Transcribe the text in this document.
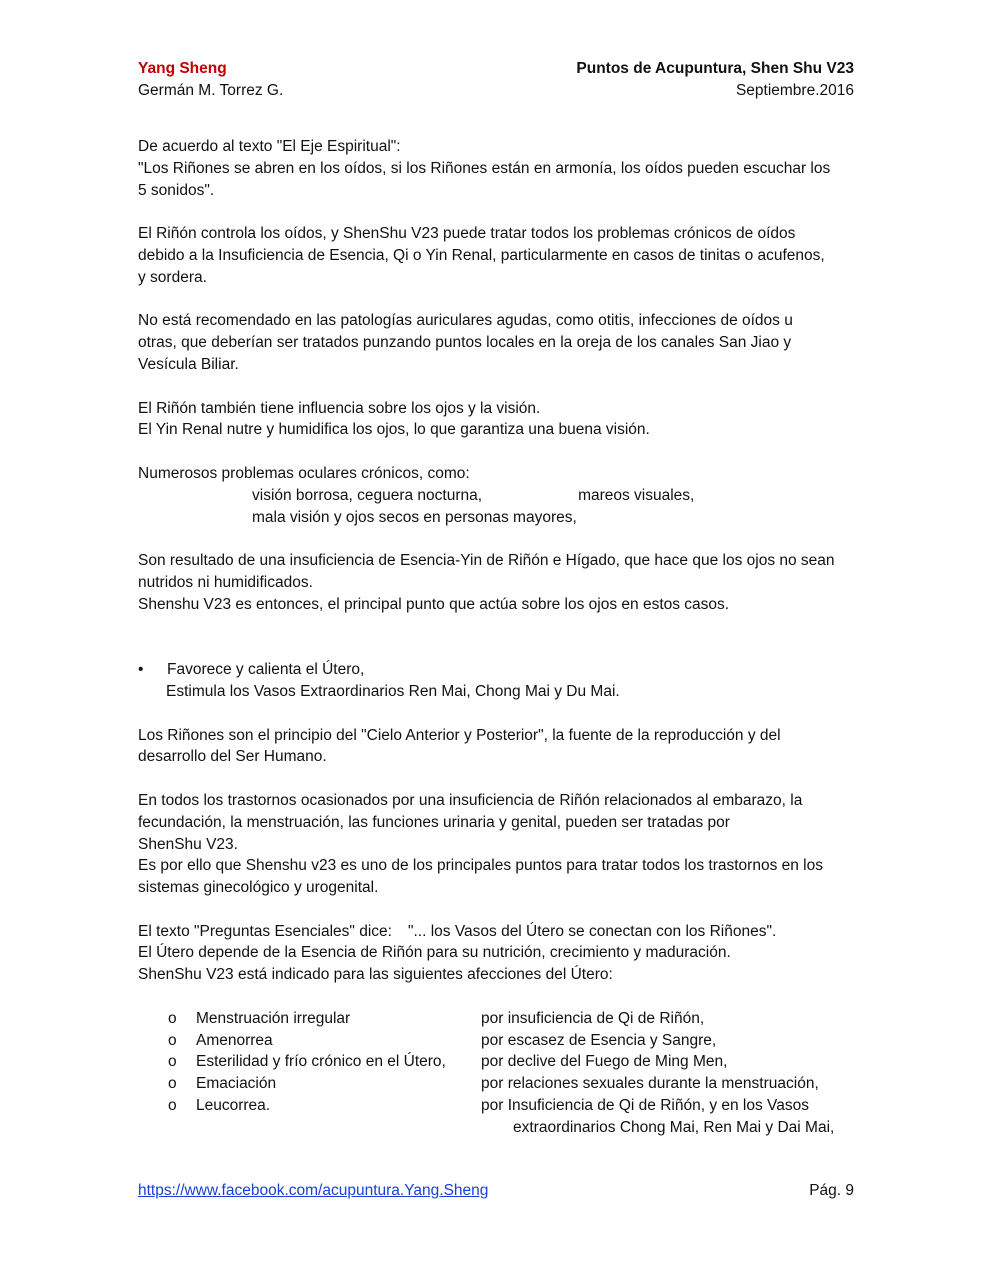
Yang Sheng	Puntos de Acupuntura, Shen Shu V23
Germán M. Torrez G.	Septiembre.2016

De acuerdo al texto "El Eje Espiritual":

"Los Riñones se abren en los oídos, si los Riñones están en armonía, los oídos pueden escuchar los

5 sonidos".

El Riñón controla los oídos, y ShenShu V23 puede tratar todos los problemas crónicos de oídos

debido a la Insuficiencia de Esencia, Qi o Yin Renal, particularmente en casos de tinitas o acufenos,

y sordera.

No está recomendado en las patologías auriculares agudas, como otitis, infecciones de oídos u

otras, que deberían ser tratados punzando puntos locales en la oreja de los canales San Jiao y

Vesícula Biliar.

El Riñón también tiene influencia sobre los ojos y la visión.

El Yin Renal nutre y humidifica los ojos, lo que garantiza una buena visión.

Numerosos problemas oculares crónicos, como:

visión borrosa, ceguera nocturna,	mareos visuales,

mala visión y ojos secos en personas mayores,

Son resultado de una insuficiencia de Esencia-Yin de Riñón e Hígado, que hace que los ojos no sean

nutridos ni humidificados.

Shenshu V23 es entonces, el principal punto que actúa sobre los ojos en estos casos.

• Favorece y calienta el Útero,

Estimula los Vasos Extraordinarios Ren Mai, Chong Mai y Du Mai.

Los Riñones son el principio del "Cielo Anterior y Posterior", la fuente de la reproducción y del

desarrollo del Ser Humano.

En todos los trastornos ocasionados por una insuficiencia de Riñón relacionados al embarazo, la

fecundación, la menstruación, las funciones urinaria y genital, pueden ser tratadas por

ShenShu V23.

Es por ello que Shenshu v23 es uno de los principales puntos para tratar todos los trastornos en los

sistemas ginecológico y urogenital.

El texto "Preguntas Esenciales" dice: "... los Vasos del Útero se conectan con los Riñones".

El Útero depende de la Esencia de Riñón para su nutrición, crecimiento y maduración.

ShenShu V23 está indicado para las siguientes afecciones del Útero:

o Menstruación irregular	por insuficiencia de Qi de Riñón,
o Amenorrea	por escasez de Esencia y Sangre,
o Esterilidad y frío crónico en el Útero, por declive del Fuego de Ming Men,
o Emaciación	por relaciones sexuales durante la menstruación,
o Leucorrea.	por Insuficiencia de Qi de Riñón, y en los Vasos

extraordinarios Chong Mai, Ren Mai y Dai Mai,

https://www.facebook.com/acupuntura.Yang.Sheng	Pág. 9
